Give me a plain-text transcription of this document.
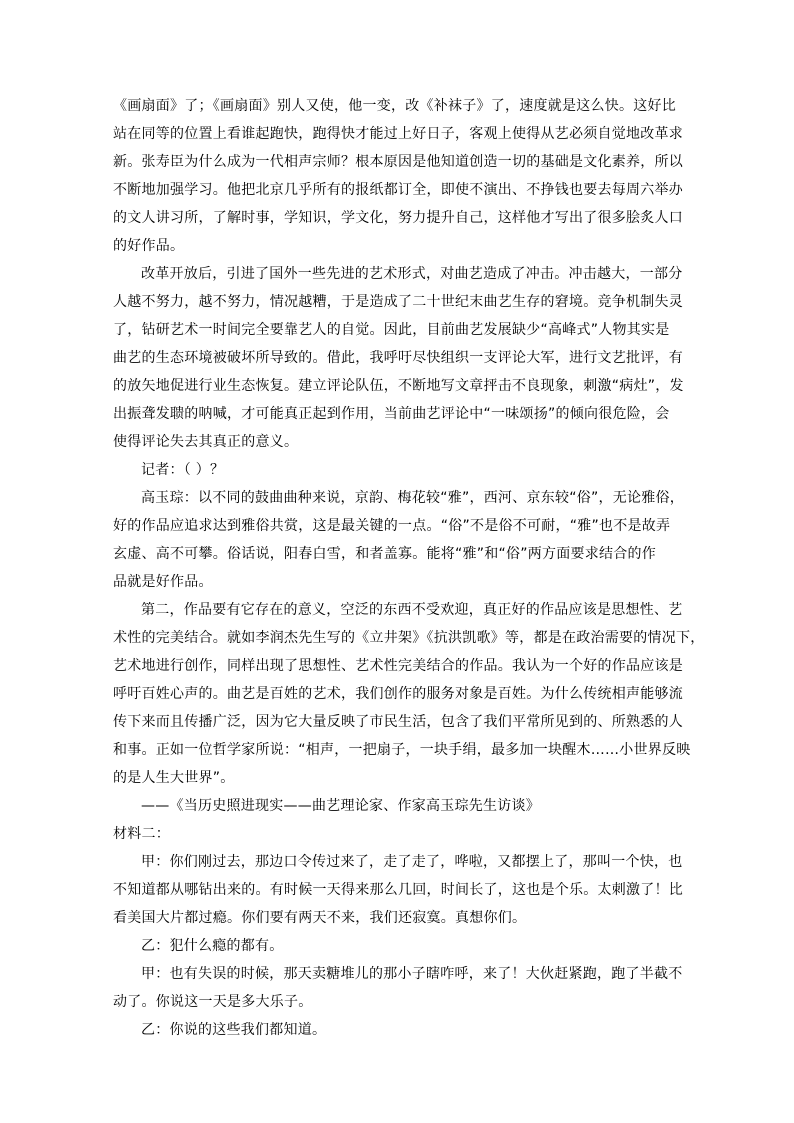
《画扇面》了；《画扇面》别人又使，他一变，改《补袜子》了，速度就是这么快。这好比
站在同等的位置上看谁起跑快，跑得快才能过上好日子，客观上使得从艺必须自觉地改革求
新。张寿臣为什么成为一代相声宗师？根本原因是他知道创造一切的基础是文化素养，所以
不断地加强学习。他把北京几乎所有的报纸都订全，即使不演出、不挣钱也要去每周六举办
的文人讲习所，了解时事，学知识，学文化，努力提升自己，这样他才写出了很多脍炙人口
的好作品。
改革开放后，引进了国外一些先进的艺术形式，对曲艺造成了冲击。冲击越大，一部分
人越不努力，越不努力，情况越糟，于是造成了二十世纪末曲艺生存的窘境。竞争机制失灵
了，钻研艺术一时间完全要靠艺人的自觉。因此，目前曲艺发展缺少“高峰式”人物其实是
曲艺的生态环境被破坏所导致的。借此，我呼吁尽快组织一支评论大军，进行文艺批评，有
的放矢地促进行业生态恢复。建立评论队伍，不断地写文章抨击不良现象，刺激“病灶”，发
出振聋发聩的呐喊，才可能真正起到作用，当前曲艺评论中“一味颂扬”的倾向很危险，会
使得评论失去其真正的意义。
记者：（ ）？
高玉琮：以不同的鼓曲曲种来说，京韵、梅花较“雅”，西河、京东较“俗”，无论雅俗，
好的作品应追求达到雅俗共赏，这是最关键的一点。“俗”不是俗不可耐，“雅”也不是故弄
玄虚、高不可攀。俗话说，阳春白雪，和者盖寡。能将“雅”和“俗”两方面要求结合的作
品就是好作品。
第二，作品要有它存在的意义，空泛的东西不受欢迎，真正好的作品应该是思想性、艺
术性的完美结合。就如李润杰先生写的《立井架》《抗洪凯歌》等，都是在政治需要的情况下，
艺术地进行创作，同样出现了思想性、艺术性完美结合的作品。我认为一个好的作品应该是
呼吁百姓心声的。曲艺是百姓的艺术，我们创作的服务对象是百姓。为什么传统相声能够流
传下来而且传播广泛，因为它大量反映了市民生活，包含了我们平常所见到的、所熟悉的人
和事。正如一位哲学家所说：“相声，一把扇子，一块手绢，最多加一块醒木……小世界反映
的是人生大世界”。
——《当历史照进现实——曲艺理论家、作家高玉琮先生访谈》
材料二：
甲：你们刚过去，那边口令传过来了，走了走了，哗啦，又都摆上了，那叫一个快，也
不知道都从哪钻出来的。有时候一天得来那么几回，时间长了，这也是个乐。太刺激了！比
看美国大片都过瘾。你们要有两天不来，我们还寂寞。真想你们。
乙：犯什么瘾的都有。
甲：也有失误的时候，那天卖糖堆儿的那小子瞎咋呼，来了！大伙赶紧跑，跑了半截不
动了。你说这一天是多大乐子。
乙：你说的这些我们都知道。
